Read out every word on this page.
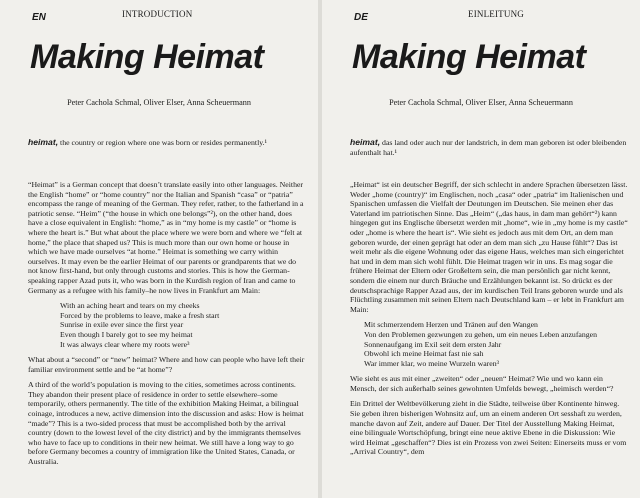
EN	INTRODUCTION
Making Heimat
Peter Cachola Schmal, Oliver Elser, Anna Scheuermann
heimat, the country or region where one was born or resides permanently.¹

“Heimat” is a German concept that doesn’t translate easily into other languages. Neither the English “home” or “home country” nor the Italian and Spanish “casa” or “patria” encompass the range of meaning of the German. They refer, rather, to the fatherland in a patriotic sense. “Heim” (“the house in which one belongs”²), on the other hand, does have a close equivalent in English: “home,” as in “my home is my castle” or “home is where the heart is.” But what about the place where we were born and where we “felt at home,” the place that shaped us? This is much more than our own home or house in which we have made ourselves “at home.” Heimat is something we carry within ourselves. It may even be the earlier Heimat of our parents or grandparents that we do not know first-hand, but only through customs and stories. This is how the German-speaking rapper Azad puts it, who was born in the Kurdish region of Iran and came to Germany as a refugee with his family–he now lives in Frankfurt am Main:

With an aching heart and tears on my cheeks
Forced by the problems to leave, make a fresh start
Sunrise in exile ever since the first year
Even though I barely got to see my heimat
It was always clear where my roots were³

What about a “second” or “new” heimat? Where and how can people who have left their familiar environment settle and be “at home”?

A third of the world’s population is moving to the cities, sometimes across continents. They abandon their present place of residence in order to settle elsewhere–some temporarily, others permanently. The title of the exhibition Making Heimat, a bilingual coinage, introduces a new, active dimension into the discussion and asks: How is heimat “made”? This is a two-sided process that must be accomplished both by the arrival country (down to the lowest level of the city district) and by the immigrants themselves who have to face up to conditions in their new heimat. We still have a long way to go before Germany becomes a country of immigration like the United States, Canada, or Australia.

DE	EINLEITUNG
Making Heimat
Peter Cachola Schmal, Oliver Elser, Anna Scheuermann
heimat, das land oder auch nur der landstrich, in dem man geboren ist oder bleibenden aufenthalt hat.¹

„Heimat“ ist ein deutscher Begriff, der sich schlecht in andere Sprachen übersetzen lässt. Weder „home (country)“ im Englischen, noch „casa“ oder „patria“ im Italienischen und Spanischen umfassen die Vielfalt der Deutungen im Deutschen. Sie meinen eher das Vaterland im patriotischen Sinne. Das „Heim“ („das haus, in dam man gehört“²) kann hingegen gut ins Englische übersetzt werden mit „home“, wie in „my home is my castle“ oder „home is where the heart is“. Wie sieht es jedoch aus mit dem Ort, an dem man geboren wurde, der einen geprägt hat oder an dem man sich „zu Hause fühlt“? Das ist weit mehr als die eigene Wohnung oder das eigene Haus, welches man sich eingerichtet hat und in dem man sich wohl fühlt. Die Heimat tragen wir in uns. Es mag sogar die frühere Heimat der Eltern oder Großeltern sein, die man persönlich gar nicht kennt, sondern die einem nur durch Bräuche und Erzählungen bekannt ist. So drückt es der deutschsprachige Rapper Azad aus, der im kurdischen Teil Irans geboren wurde und als Flüchtling zusammen mit seinen Eltern nach Deutschland kam – er lebt in Frankfurt am Main:

Mit schmerzendem Herzen und Tränen auf den Wangen
Von den Problemen gezwungen zu gehen, um ein neues Leben anzufangen
Sonnenaufgang im Exil seit dem ersten Jahr
Obwohl ich meine Heimat fast nie sah
War immer klar, wo meine Wurzeln waren³

Wie sieht es aus mit einer „zweiten“ oder „neuen“ Heimat? Wie und wo kann ein Mensch, der sich außerhalb seines gewohnten Umfelds bewegt, „heimisch werden“?

Ein Drittel der Weltbevölkerung zieht in die Städte, teilweise über Kontinente hinweg. Sie geben ihren bisherigen Wohnsitz auf, um an einem anderen Ort sesshaft zu werden, manche davon auf Zeit, andere auf Dauer. Der Titel der Ausstellung Making Heimat, eine bilinguale Wortschöpfung, bringt eine neue aktive Ebene in die Diskussion: Wie wird Heimat „geschaffen“? Dies ist ein Prozess von zwei Seiten: Einerseits muss er vom „Arrival Country“, dem
